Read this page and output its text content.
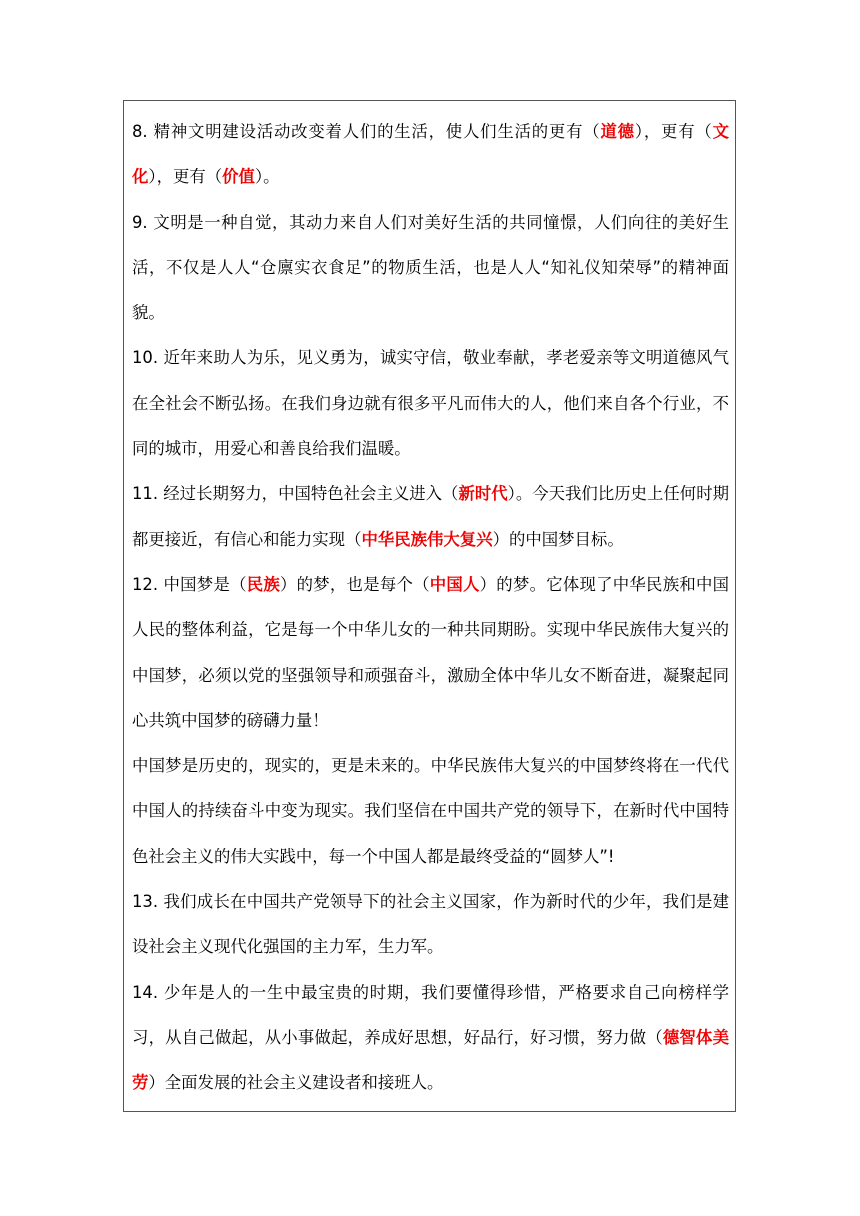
8. 精神文明建设活动改变着人们的生活，使人们生活的更有（道德），更有（文化），更有（价值）。

9. 文明是一种自觉，其动力来自人们对美好生活的共同憧憬，人们向往的美好生活，不仅是人人“仓廪实衣食足”的物质生活，也是人人“知礼仪知荣辱”的精神面貌。

10. 近年来助人为乐，见义勇为，诚实守信，敬业奉献，孝老爱亲等文明道德风气在全社会不断弘扬。在我们身边就有很多平凡而伟大的人，他们来自各个行业，不同的城市，用爱心和善良给我们温暖。

11. 经过长期努力，中国特色社会主义进入（新时代）。今天我们比历史上任何时期都更接近，有信心和能力实现（中华民族伟大复兴）的中国梦目标。

12. 中国梦是（民族）的梦，也是每个（中国人）的梦。它体现了中华民族和中国人民的整体利益，它是每一个中华儿女的一种共同期盼。实现中华民族伟大复兴的中国梦，必须以党的坚强领导和顽强奋斗，激励全体中华儿女不断奋进，凝聚起同心共筑中国梦的磅礴力量！

中国梦是历史的，现实的，更是未来的。中华民族伟大复兴的中国梦终将在一代代中国人的持续奋斗中变为现实。我们坚信在中国共产党的领导下，在新时代中国特色社会主义的伟大实践中，每一个中国人都是最终受益的“圆梦人”!

13. 我们成长在中国共产党领导下的社会主义国家，作为新时代的少年，我们是建设社会主义现代化强国的主力军，生力军。

14. 少年是人的一生中最宝贵的时期，我们要懂得珍惜，严格要求自己向榜样学习，从自己做起，从小事做起，养成好思想，好品行，好习惯，努力做（德智体美劳）全面发展的社会主义建设者和接班人。
